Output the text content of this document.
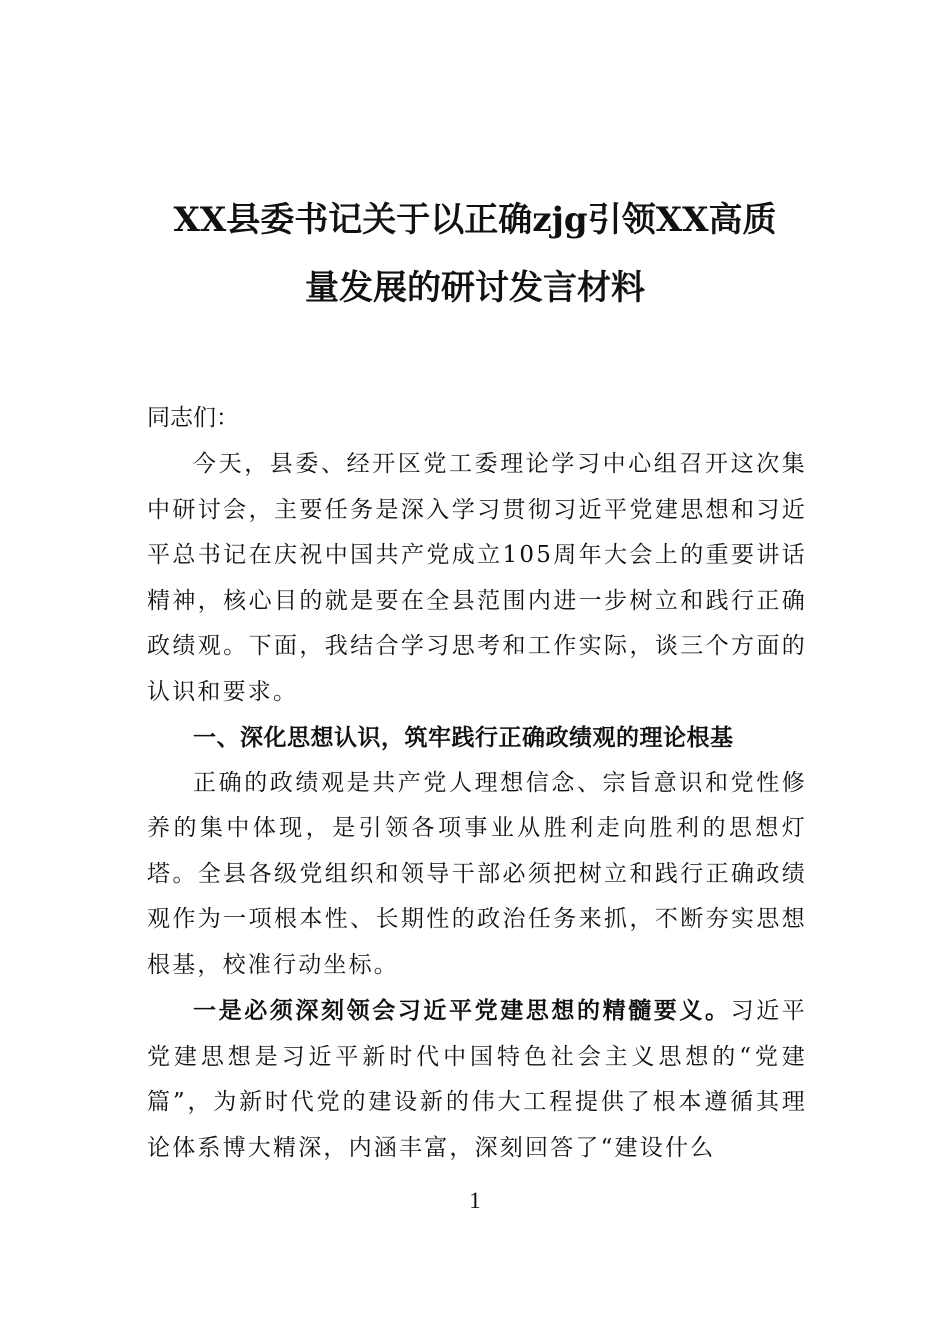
XX县委书记关于以正确zjg引领XX高质
量发展的研讨发言材料
同志们：

今天，县委、经开区党工委理论学习中心组召开这次集中研讨会，主要任务是深入学习贯彻习近平党建思想和习近平总书记在庆祝中国共产党成立105周年大会上的重要讲话精神，核心目的就是要在全县范围内进一步树立和践行正确政绩观。下面，我结合学习思考和工作实际，谈三个方面的认识和要求。

一、深化思想认识，筑牢践行正确政绩观的理论根基

正确的政绩观是共产党人理想信念、宗旨意识和党性修养的集中体现，是引领各项事业从胜利走向胜利的思想灯塔。全县各级党组织和领导干部必须把树立和践行正确政绩观作为一项根本性、长期性的政治任务来抓，不断夯实思想根基，校准行动坐标。

一是必须深刻领会习近平党建思想的精髓要义。习近平党建思想是习近平新时代中国特色社会主义思想的“党建篇”，为新时代党的建设新的伟大工程提供了根本遵循其理论体系博大精深，内涵丰富，深刻回答了“建设什么

1
